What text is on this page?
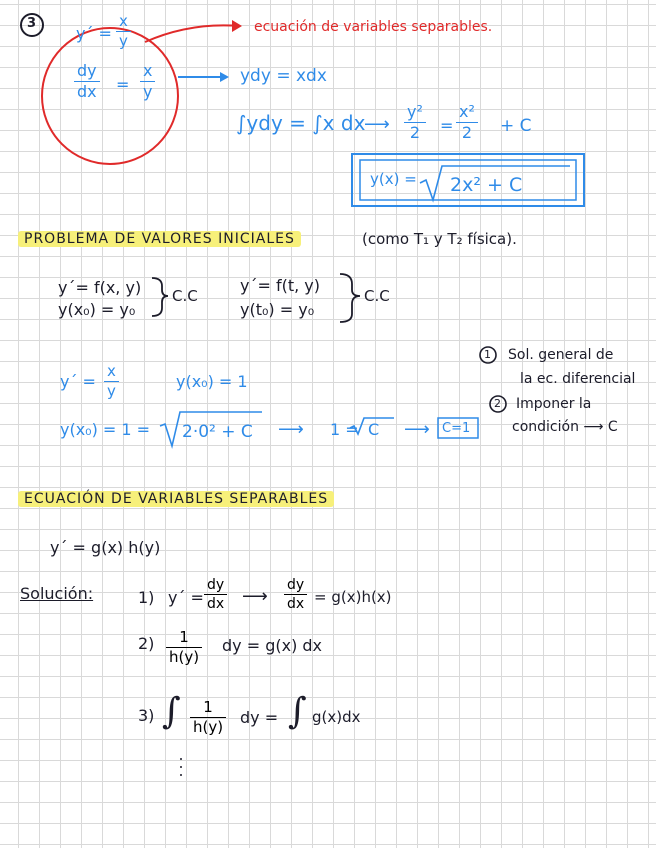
3
y´ =
x
y
dy
dx =
x
y
ecuación de variables separables.
ydy = xdx
∫ydy = ∫x dx
⟶
y²
2 =
x²
2 + C
y(x) = 2x² + C
PROBLEMA DE VALORES INICIALES	(como T₁ y T₂ física).
y´= f(x, y)
y(x₀) = y₀
C.C
y´= f(t, y)
y(t₀) = y₀
C.C
y´ =
x
y	y(x₀) = 1
y(x₀) = 1 = 2·0² + C ⟶ 1 = C ⟶ C=1
1 Sol. general de
la ec. diferencial
2 Imponer la
condición ⟶ C
ECUACIÓN DE VARIABLES SEPARABLES
y´ = g(x) h(y)
Solución:	1) y´ =
dy
dx ⟶
dy
dx = g(x)h(x)
2) 1
h(y)
dy = g(x) dx
3) ∫ 1
h(y) dy = ∫ g(x)dx
